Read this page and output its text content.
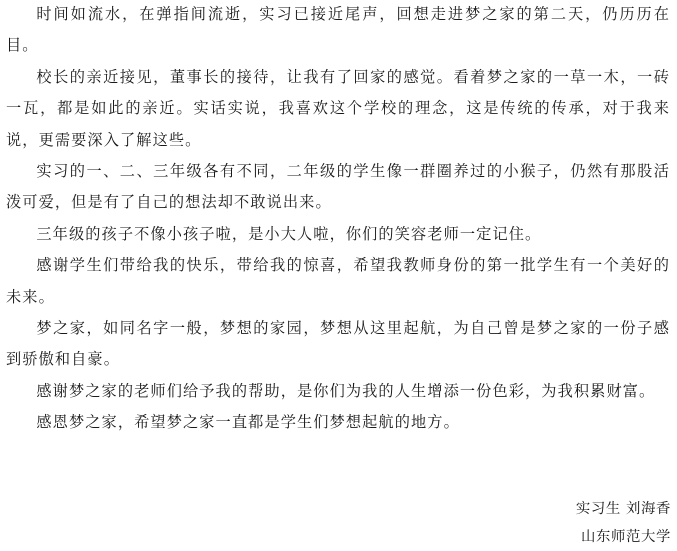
时间如流水，在弹指间流逝，实习已接近尾声，回想走进梦之家的第二天，仍历历在目。

校长的亲近接见，董事长的接待，让我有了回家的感觉。看着梦之家的一草一木，一砖一瓦，都是如此的亲近。实话实说，我喜欢这个学校的理念，这是传统的传承，对于我来说，更需要深入了解这些。

实习的一、二、三年级各有不同，二年级的学生像一群圈养过的小猴子，仍然有那股活泼可爱，但是有了自己的想法却不敢说出来。

三年级的孩子不像小孩子啦，是小大人啦，你们的笑容老师一定记住。

感谢学生们带给我的快乐，带给我的惊喜，希望我教师身份的第一批学生有一个美好的未来。

梦之家，如同名字一般，梦想的家园，梦想从这里起航，为自己曾是梦之家的一份子感到骄傲和自豪。

感谢梦之家的老师们给予我的帮助，是你们为我的人生增添一份色彩，为我积累财富。

感恩梦之家，希望梦之家一直都是学生们梦想起航的地方。

实习生 刘海香
山东师范大学
